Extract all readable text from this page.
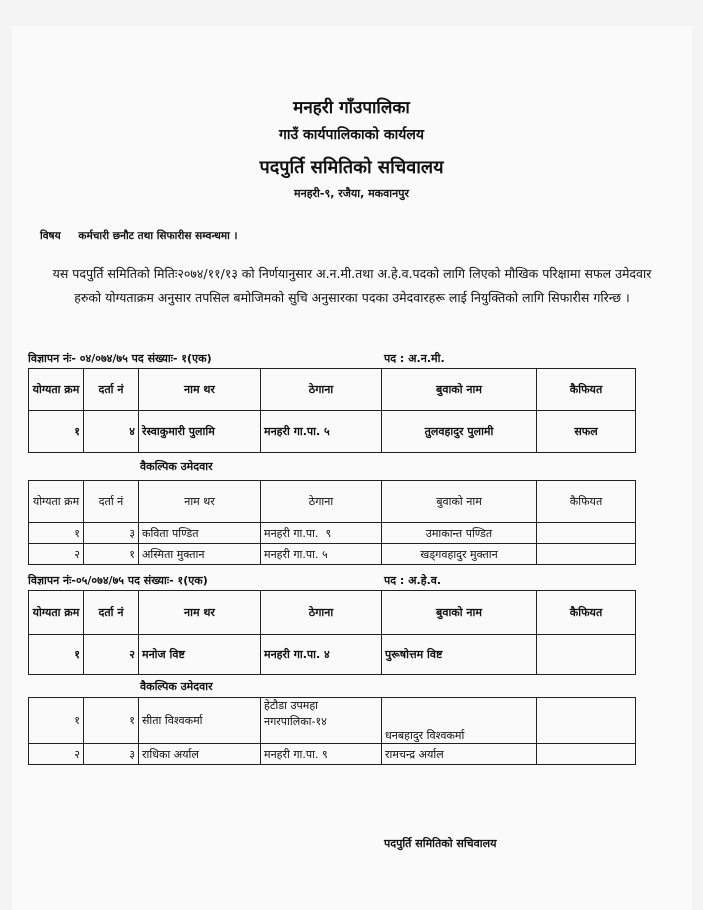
मनहरी गाँउपालिका
गाउँ कार्यपालिकाको कार्यलय
पदपुर्ति समितिको सचिवालय
मनहरी-९, रजैया, मकवानपुर
विषय कर्मचारी छनौट तथा सिफारीस सम्वन्धमा ।
यस पदपुर्ति समितिको मितिः२०७४/११/१३ को निर्णयानुसार अ.न.मी.तथा अ.हे.व.पदको लागि लिएको मौखिक परिक्षामा सफल उमेदवार हरुको योग्यताक्रम अनुसार तपसिल बमोजिमको सुचि अनुसारका पदका उमेदवारहरू लाई नियुक्तिको लागि सिफारीस गरिन्छ ।
विज्ञापन नंः- ०४/०७४/७५ पद संख्याः- १(एक)	पद : अ.न.मी.
योग्यता क्रम	दर्ता नं	नाम थर	ठेगाना	बुवाको नाम	कैफियत
१	४	रेस्वाकुमारी पुलामि	मनहरी गा.पा. ५	तुलवहादुर पुलामी	सफल
वैकल्पिक उमेदवार
योग्यता क्रम	दर्ता नं	नाम थर	ठेगाना	बुवाको नाम	कैफियत
१	३	कविता पण्डित	मनहरी गा.पा.  ९	उमाकान्त पण्डित	
२	१	अस्मिता मुक्तान	मनहरी गा.पा. ५	खड्गवहादुर मुक्तान	
विज्ञापन नंः-०५/०७४/७५ पद संख्याः- १(एक)	पद : अ.हे.व.
योग्यता क्रम	दर्ता नं	नाम थर	ठेगाना	बुवाको नाम	कैफियत
१	२	मनोज विष्ट	मनहरी गा.पा. ४	पुरूषोत्तम विष्ट	
वैकल्पिक उमेदवार
१	१	सीता विश्वकर्मा	हेटौडा उपमहा नगरपालिका-१४	धनबहादुर विश्वकर्मा	
२	३	राधिका अर्याल	मनहरी गा.पा. ९	रामचन्द्र अर्याल	
पदपुर्ति समितिको सचिवालय
